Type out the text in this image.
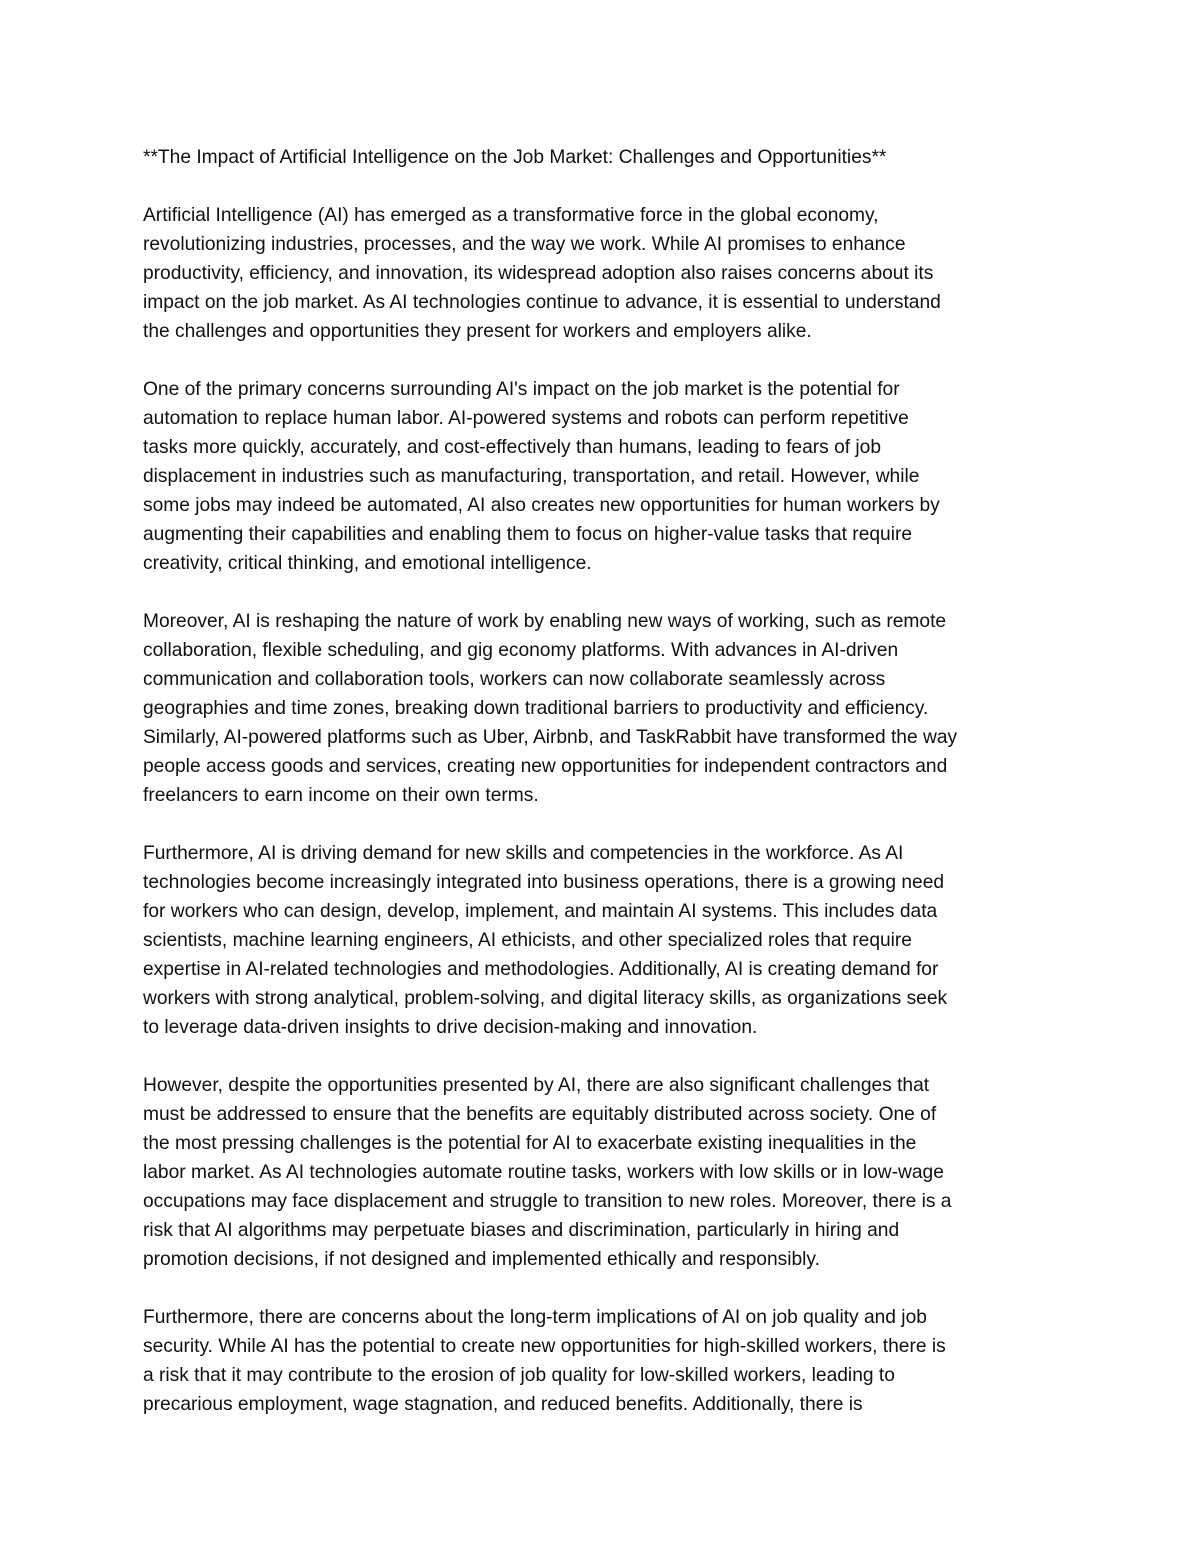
**The Impact of Artificial Intelligence on the Job Market: Challenges and Opportunities**
Artificial Intelligence (AI) has emerged as a transformative force in the global economy,
revolutionizing industries, processes, and the way we work. While AI promises to enhance
productivity, efficiency, and innovation, its widespread adoption also raises concerns about its
impact on the job market. As AI technologies continue to advance, it is essential to understand
the challenges and opportunities they present for workers and employers alike.
One of the primary concerns surrounding AI's impact on the job market is the potential for
automation to replace human labor. AI-powered systems and robots can perform repetitive
tasks more quickly, accurately, and cost-effectively than humans, leading to fears of job
displacement in industries such as manufacturing, transportation, and retail. However, while
some jobs may indeed be automated, AI also creates new opportunities for human workers by
augmenting their capabilities and enabling them to focus on higher-value tasks that require
creativity, critical thinking, and emotional intelligence.
Moreover, AI is reshaping the nature of work by enabling new ways of working, such as remote
collaboration, flexible scheduling, and gig economy platforms. With advances in AI-driven
communication and collaboration tools, workers can now collaborate seamlessly across
geographies and time zones, breaking down traditional barriers to productivity and efficiency.
Similarly, AI-powered platforms such as Uber, Airbnb, and TaskRabbit have transformed the way
people access goods and services, creating new opportunities for independent contractors and
freelancers to earn income on their own terms.
Furthermore, AI is driving demand for new skills and competencies in the workforce. As AI
technologies become increasingly integrated into business operations, there is a growing need
for workers who can design, develop, implement, and maintain AI systems. This includes data
scientists, machine learning engineers, AI ethicists, and other specialized roles that require
expertise in AI-related technologies and methodologies. Additionally, AI is creating demand for
workers with strong analytical, problem-solving, and digital literacy skills, as organizations seek
to leverage data-driven insights to drive decision-making and innovation.
However, despite the opportunities presented by AI, there are also significant challenges that
must be addressed to ensure that the benefits are equitably distributed across society. One of
the most pressing challenges is the potential for AI to exacerbate existing inequalities in the
labor market. As AI technologies automate routine tasks, workers with low skills or in low-wage
occupations may face displacement and struggle to transition to new roles. Moreover, there is a
risk that AI algorithms may perpetuate biases and discrimination, particularly in hiring and
promotion decisions, if not designed and implemented ethically and responsibly.
Furthermore, there are concerns about the long-term implications of AI on job quality and job
security. While AI has the potential to create new opportunities for high-skilled workers, there is
a risk that it may contribute to the erosion of job quality for low-skilled workers, leading to
precarious employment, wage stagnation, and reduced benefits. Additionally, there is
